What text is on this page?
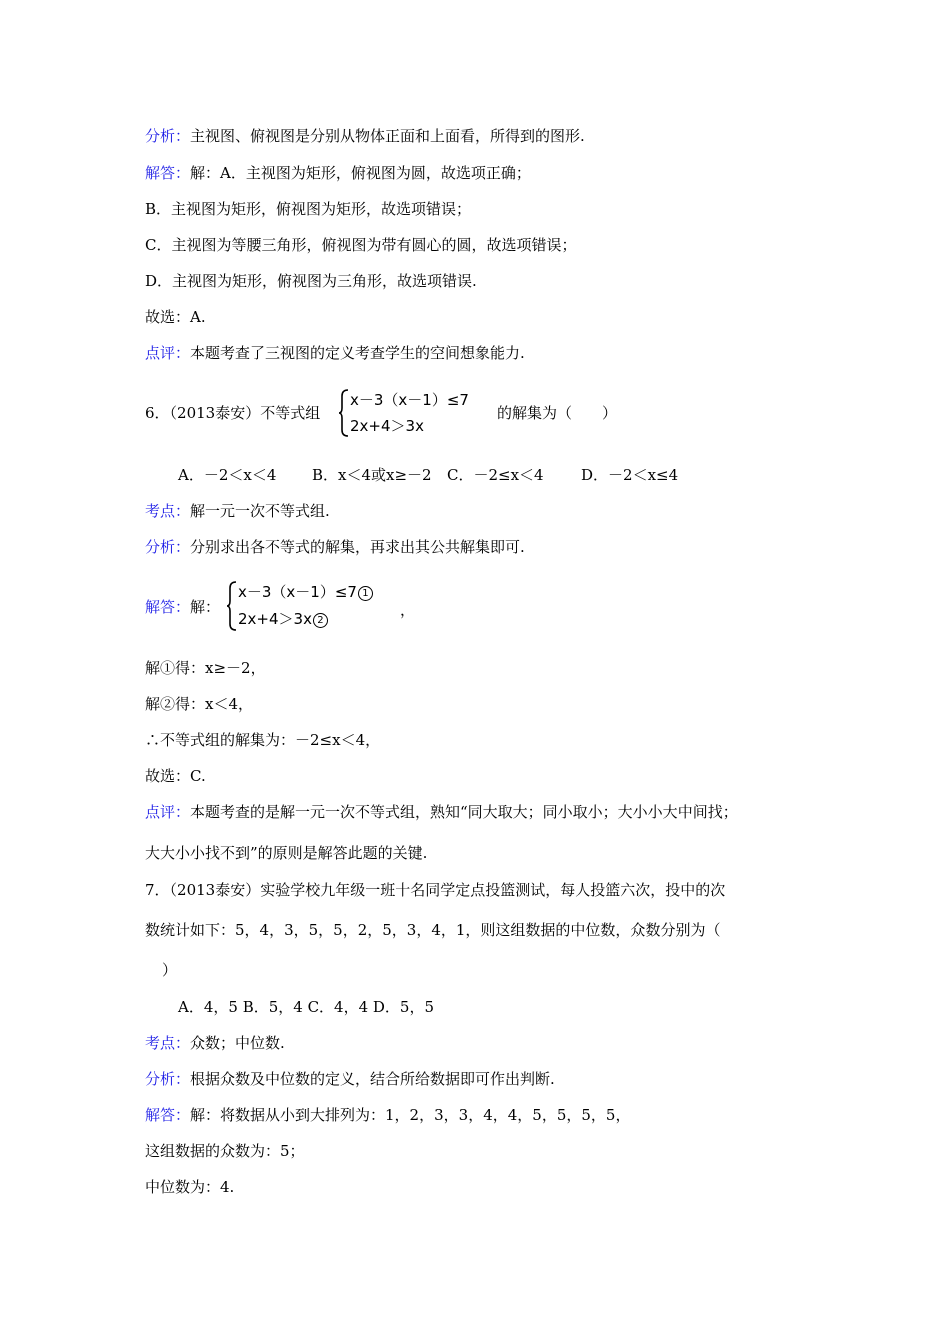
分析：主视图、俯视图是分别从物体正面和上面看，所得到的图形.
解答：解：A．主视图为矩形，俯视图为圆，故选项正确；
B．主视图为矩形，俯视图为矩形，故选项错误；
C．主视图为等腰三角形，俯视图为带有圆心的圆，故选项错误；
D．主视图为矩形，俯视图为三角形，故选项错误.
故选：A.
点评：本题考查了三视图的定义考查学生的空间想象能力.
6．（2013泰安）不等式组
x－3（x－1）≤7
2x+4＞3x
的解集为（　　）
A．－2＜x＜4 B．x＜4或x≥－2 C．－2≤x＜4 D．－2＜x≤4
考点：解一元一次不等式组.
分析：分别求出各不等式的解集，再求出其公共解集即可.
解答：解：
x－3（x－1）≤7 1
2x+4＞3x 2
，
解①得：x≥－2，
解②得：x＜4，
∴不等式组的解集为：－2≤x＜4，
故选：C.
点评：本题考查的是解一元一次不等式组，熟知“同大取大；同小取小；大小小大中间找；
大大小小找不到”的原则是解答此题的关键.
7．（2013泰安）实验学校九年级一班十名同学定点投篮测试，每人投篮六次，投中的次
数统计如下：5，4，3，5，5，2，5，3，4，1，则这组数据的中位数，众数分别为（
）
A．4，5 B．5，4 C．4，4 D．5，5
考点：众数；中位数.
分析：根据众数及中位数的定义，结合所给数据即可作出判断.
解答：解：将数据从小到大排列为：1，2，3，3，4，4，5，5，5，5，
这组数据的众数为：5；
中位数为：4.
